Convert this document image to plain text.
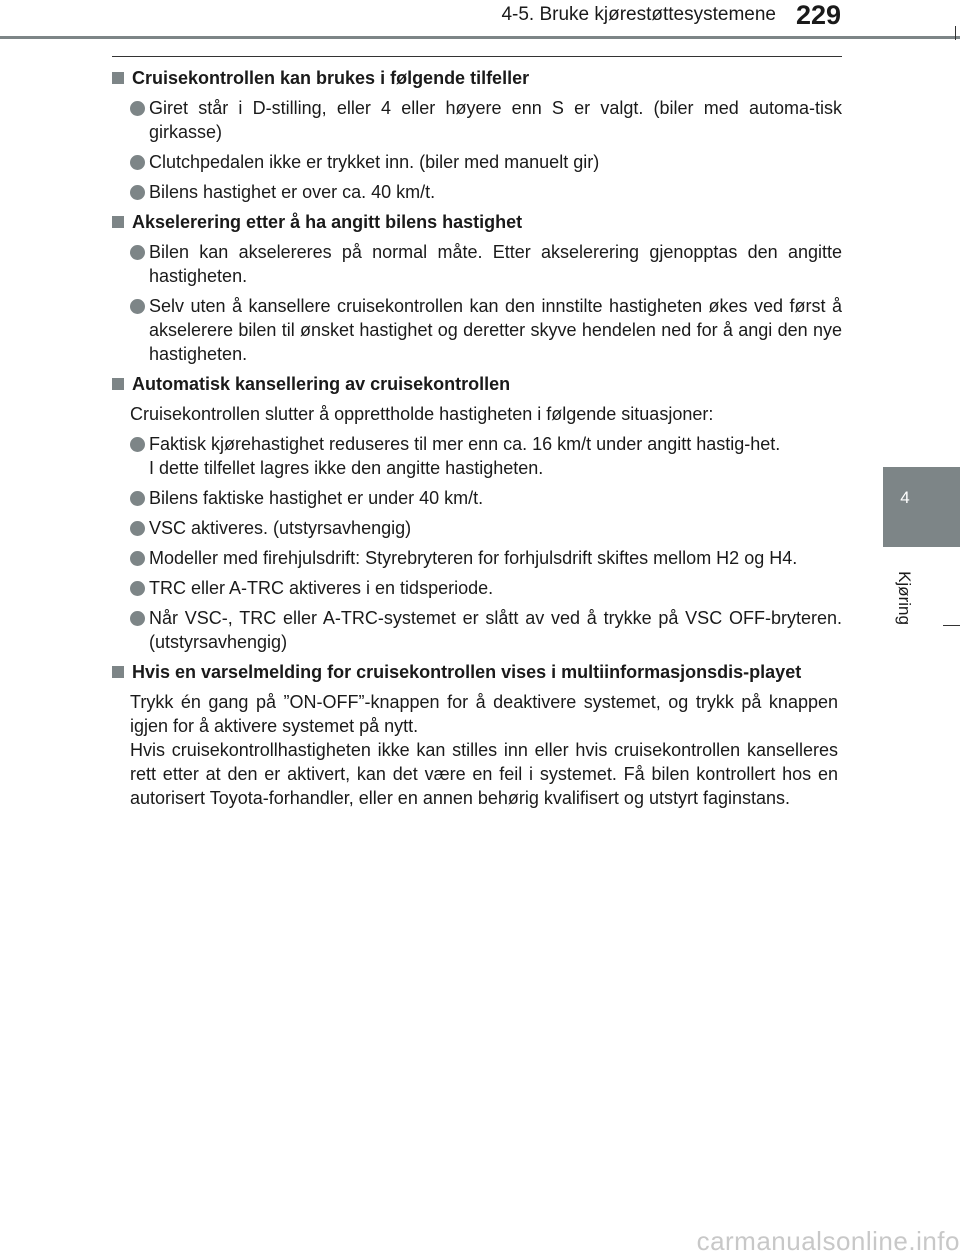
4-5. Bruke kjørestøttesystemene 229
4
Kjøring
Cruisekontrollen kan brukes i følgende tilfeller
Giret står i D-stilling, eller 4 eller høyere enn S er valgt. (biler med automa-tisk girkasse)
Clutchpedalen ikke er trykket inn. (biler med manuelt gir)
Bilens hastighet er over ca. 40 km/t.
Akselerering etter å ha angitt bilens hastighet
Bilen kan akselereres på normal måte. Etter akselerering gjenopptas den angitte hastigheten.
Selv uten å kansellere cruisekontrollen kan den innstilte hastigheten økes ved først å akselerere bilen til ønsket hastighet og deretter skyve hendelen ned for å angi den nye hastigheten.
Automatisk kansellering av cruisekontrollen
Cruisekontrollen slutter å opprettholde hastigheten i følgende situasjoner:
Faktisk kjørehastighet reduseres til mer enn ca. 16 km/t under angitt hastig-het.
I dette tilfellet lagres ikke den angitte hastigheten.
Bilens faktiske hastighet er under 40 km/t.
VSC aktiveres. (utstyrsavhengig)
Modeller med firehjulsdrift: Styrebryteren for forhjulsdrift skiftes mellom H2 og H4.
TRC eller A-TRC aktiveres i en tidsperiode.
Når VSC-, TRC eller A-TRC-systemet er slått av ved å trykke på VSC OFF-bryteren. (utstyrsavhengig)
Hvis en varselmelding for cruisekontrollen vises i multiinformasjonsdis-playet
Trykk én gang på ”ON-OFF”-knappen for å deaktivere systemet, og trykk på knappen igjen for å aktivere systemet på nytt.
Hvis cruisekontrollhastigheten ikke kan stilles inn eller hvis cruisekontrollen kanselleres rett etter at den er aktivert, kan det være en feil i systemet. Få bilen kontrollert hos en autorisert Toyota-forhandler, eller en annen behørig kvalifisert og utstyrt faginstans.
carmanualsonline.info
